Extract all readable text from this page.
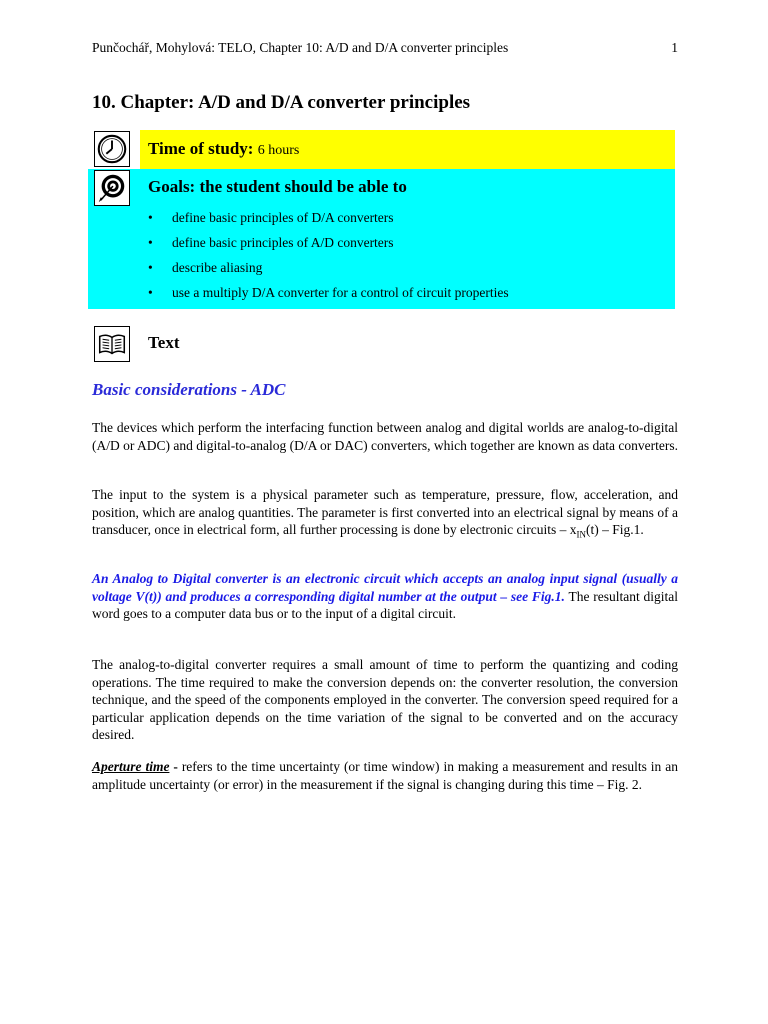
Punčochář, Mohylová: TELO, Chapter 10: A/D and D/A converter principles	1
10. Chapter: A/D and D/A converter principles
Time of study: 6 hours
Goals: the student should be able to
• define basic principles of D/A converters
• define basic principles of A/D converters
• describe aliasing
• use a multiply D/A converter for a control of circuit properties
Text
Basic considerations - ADC

The devices which perform the interfacing function between analog and digital worlds are analog-to-digital (A/D or ADC) and digital-to-analog (D/A or DAC) converters, which together are known as data converters.

The input to the system is a physical parameter such as temperature, pressure, flow, acceleration, and position, which are analog quantities. The parameter is first converted into an electrical signal by means of a transducer, once in electrical form, all further processing is done by electronic circuits – $x_{IN}(t) - Fig.1$.

An Analog to Digital converter is an electronic circuit which accepts an analog input signal (usually a voltage V(t)) and produces a corresponding digital number at the output – see Fig.1. The resultant digital word goes to a computer data bus or to the input of a digital circuit.

The analog-to-digital converter requires a small amount of time to perform the quantizing and coding operations. The time required to make the conversion depends on: the converter resolution, the conversion technique, and the speed of the components employed in the converter. The conversion speed required for a particular application depends on the time variation of the signal to be converted and on the accuracy desired.

Aperture time - refers to the time uncertainty (or time window) in making a measurement and results in an amplitude uncertainty (or error) in the measurement if the signal is changing during this time – Fig. 2.
